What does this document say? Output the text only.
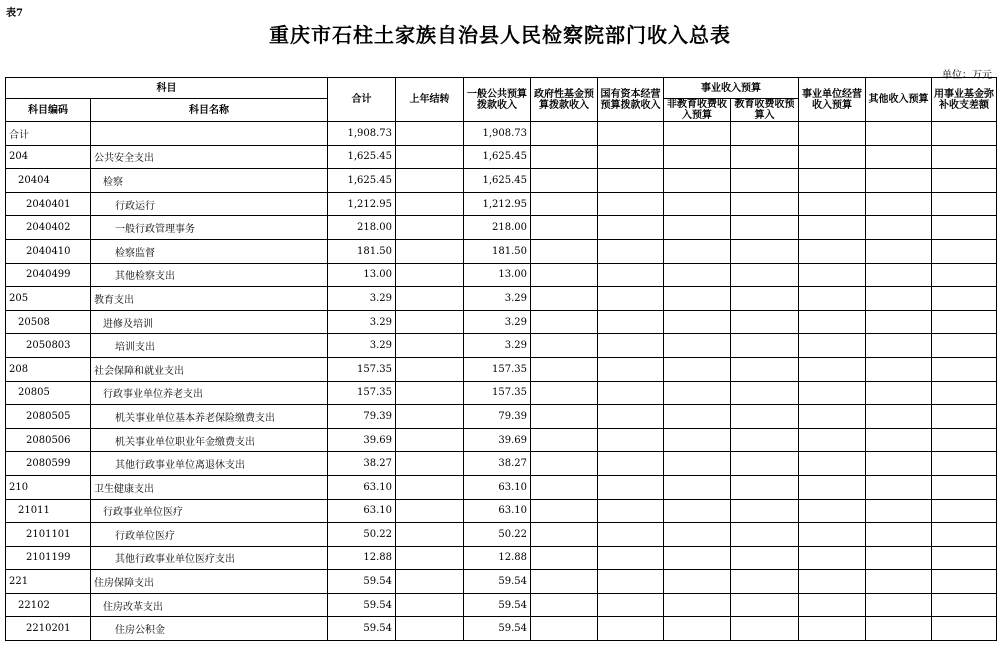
表7
重庆市石柱土家族自治县人民检察院部门收入总表
单位：万元
科目		合计	上年结转	一般公共预算拨款收入	政府性基金预算拨款收入	国有资本经营预算拨款收入	事业收入预算		事业单位经营收入预算	其他收入预算	用事业基金弥补收支差额
科目编码	科目名称						非教育收费收入预算	教育收费收预算入			
合计		1,908.73		1,908.73							
204	公共安全支出	1,625.45		1,625.45							
20404	检察	1,625.45		1,625.45							
2040401	行政运行	1,212.95		1,212.95							
2040402	一般行政管理事务	218.00		218.00							
2040410	检察监督	181.50		181.50							
2040499	其他检察支出	13.00		13.00							
205	教育支出	3.29		3.29							
20508	进修及培训	3.29		3.29							
2050803	培训支出	3.29		3.29							
208	社会保障和就业支出	157.35		157.35							
20805	行政事业单位养老支出	157.35		157.35							
2080505	机关事业单位基本养老保险缴费支出	79.39		79.39							
2080506	机关事业单位职业年金缴费支出	39.69		39.69							
2080599	其他行政事业单位离退休支出	38.27		38.27							
210	卫生健康支出	63.10		63.10							
21011	行政事业单位医疗	63.10		63.10							
2101101	行政单位医疗	50.22		50.22							
2101199	其他行政事业单位医疗支出	12.88		12.88							
221	住房保障支出	59.54		59.54							
22102	住房改革支出	59.54		59.54							
2210201	住房公积金	59.54		59.54							
